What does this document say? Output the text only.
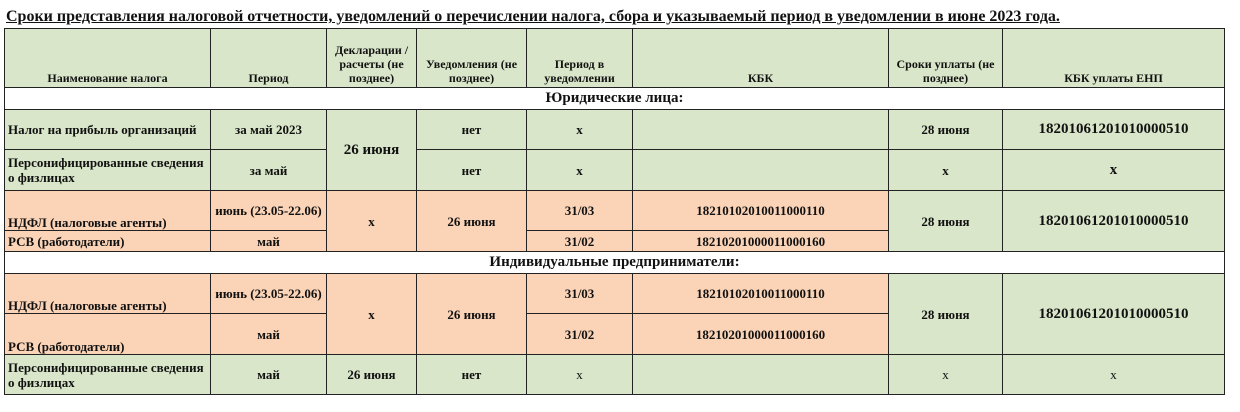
Сроки представления налоговой отчетности, уведомлений о перечислении налога, сбора и указываемый период в уведомлении в июне 2023 года.
Наименование налога	Период	Декларации /расчеты (не позднее)	Уведомления (не позднее)	Период в уведомлении	КБК	Сроки уплаты (не позднее)	КБК уплаты ЕНП
Юридические лица:							
Налог на прибыль организаций	за май 2023	26 июня	нет	х		28 июня	18201061201010000510
Персонифицированные сведения о физлицах	за май		нет	х		х	х
НДФЛ (налоговые агенты)	июнь (23.05-22.06)	х	26 июня	31/03	18210102010011000110	28 июня	18201061201010000510
РСВ (работодатели)	май			31/02	18210201000011000160		
Индивидуальные предприниматели:							
НДФЛ (налоговые агенты)	июнь (23.05-22.06)	х	26 июня	31/03	18210102010011000110	28 июня	18201061201010000510
РСВ (работодатели)	май			31/02	18210201000011000160		
Персонифицированные сведения о физлицах	май	26 июня	нет	х		х	х
